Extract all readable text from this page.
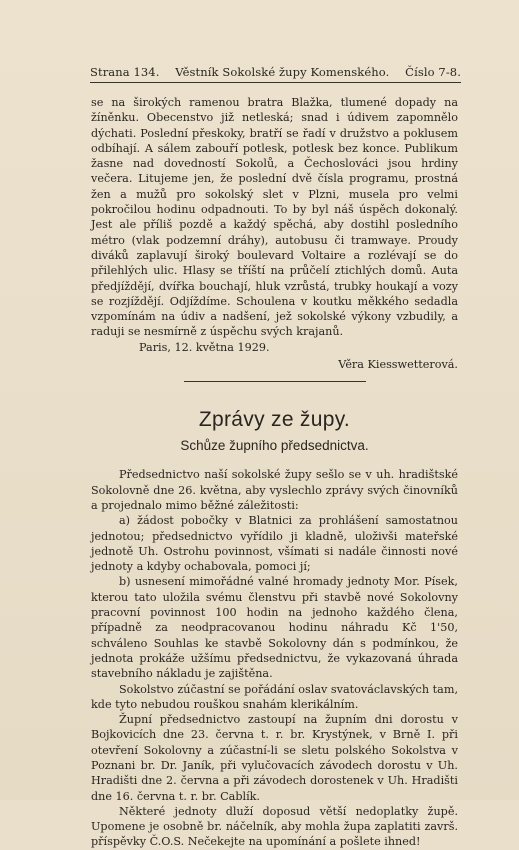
Strana 134. Věstník Sokolské župy Komenského. Číslo 7-8.

se na širokých ramenou bratra Blažka, tlumené dopady na žíněnku. Obecenstvo již netleská; snad i údivem zapomnělo dýchati. Poslední přeskoky, bratří se řadí v družstvo a poklusem odbíhají. A sálem zabouří potlesk, potlesk bez konce. Publikum žasne nad dovedností Sokolů, a Čechoslováci jsou hrdiny večera. Litujeme jen, že poslední dvě čísla programu, prostná žen a mužů pro sokolský slet v Plzni, musela pro velmi pokročilou hodinu odpadnouti. To by byl náš úspěch dokonalý. Jest ale příliš pozdě a každý spěchá, aby dostihl posledního métro (vlak podzemní dráhy), autobusu či tramwaye. Proudy diváků zaplavují široký boulevard Voltaire a rozlévají se do přilehlých ulic. Hlasy se tříští na průčelí ztichlých domů. Auta předjíždějí, dvířka bouchají, hluk vzrůstá, trubky houkají a vozy se rozjíždějí. Odjíždíme. Schoulena v koutku měkkého sedadla vzpomínám na údiv a nadšení, jež sokolské výkony vzbudily, a raduji se nesmírně z úspěchu svých krajanů.

Paris, 12. května 1929.

Věra Kiesswetterová.

Zprávy ze župy.

Schůze župního předsednictva.

Předsednictvo naší sokolské župy sešlo se v uh. hradištské Sokolovně dne 26. května, aby vyslechlo zprávy svých činovníků a projednalo mimo běžné záležitosti:

a) žádost pobočky v Blatnici za prohlášení samostatnou jednotou; předsednictvo vyřídilo ji kladně, uloživši mateřské jednotě Uh. Ostrohu povinnost, všímati si nadále činnosti nové jednoty a kdyby ochabovala, pomoci jí;

b) usnesení mimořádné valné hromady jednoty Mor. Písek, kterou tato uložila svému členstvu při stavbě nové Sokolovny pracovní povinnost 100 hodin na jednoho každého člena, případně za neodpracovanou hodinu náhradu Kč 1'50, schváleno Souhlas ke stavbě Sokolovny dán s podmínkou, že jednota prokáže užšímu předsednictvu, že vykazovaná úhrada stavebního nákladu je zajištěna.

Sokolstvo zúčastní se pořádání oslav svatováclavských tam, kde tyto nebudou rouškou snahám klerikálním.

Župní předsednictvo zastoupí na župním dni dorostu v Bojkovicích dne 23. června t. r. br. Krystýnek, v Brně I. při otevření Sokolovny a zúčastní-li se sletu polského Sokolstva v Poznani br. Dr. Janík, při vylučovacích závodech dorostu v Uh. Hradišti dne 2. června a při závodech dorostenek v Uh. Hradišti dne 16. června t. r. br. Cablík.

Některé jednoty dluží doposud větší nedoplatky župě. Upomene je osobně br. náčelník, aby mohla župa zaplatiti završ. příspěvky Č.O.S. Nečekejte na upomínání a pošlete ihned!
